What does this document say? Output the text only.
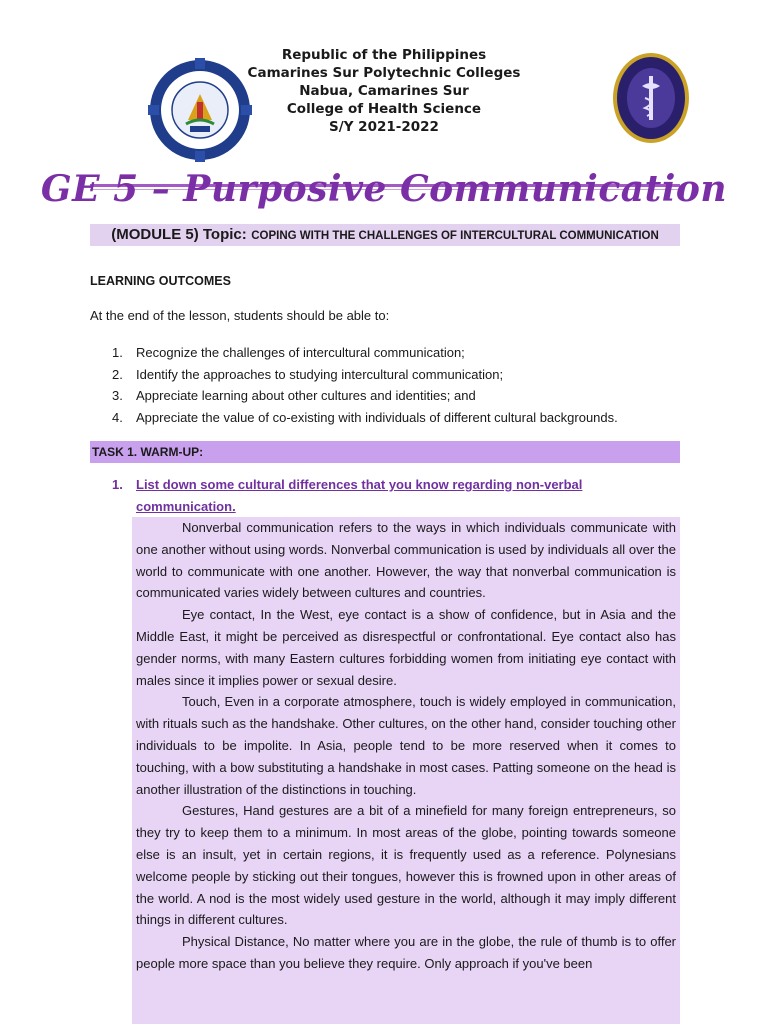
Republic of the Philippines
Camarines Sur Polytechnic Colleges
Nabua, Camarines Sur
College of Health Science
S/Y 2021-2022
GE 5 – Purposive Communication
(MODULE 5) Topic: COPING WITH THE CHALLENGES OF INTERCULTURAL COMMUNICATION
LEARNING OUTCOMES
At the end of the lesson, students should be able to:
1.	Recognize the challenges of intercultural communication;
2.	Identify the approaches to studying intercultural communication;
3.	Appreciate learning about other cultures and identities; and
4.	Appreciate the value of co-existing with individuals of different cultural backgrounds.
TASK 1. WARM-UP:
1.	List down some cultural differences that you know regarding non-verbal communication.

Nonverbal communication refers to the ways in which individuals communicate with one another without using words. Nonverbal communication is used by individuals all over the world to communicate with one another. However, the way that nonverbal communication is communicated varies widely between cultures and countries.

Eye contact, In the West, eye contact is a show of confidence, but in Asia and the Middle East, it might be perceived as disrespectful or confrontational. Eye contact also has gender norms, with many Eastern cultures forbidding women from initiating eye contact with males since it implies power or sexual desire.

Touch, Even in a corporate atmosphere, touch is widely employed in communication, with rituals such as the handshake. Other cultures, on the other hand, consider touching other individuals to be impolite. In Asia, people tend to be more reserved when it comes to touching, with a bow substituting a handshake in most cases. Patting someone on the head is another illustration of the distinctions in touching.

Gestures, Hand gestures are a bit of a minefield for many foreign entrepreneurs, so they try to keep them to a minimum. In most areas of the globe, pointing towards someone else is an insult, yet in certain regions, it is frequently used as a reference. Polynesians welcome people by sticking out their tongues, however this is frowned upon in other areas of the world. A nod is the most widely used gesture in the world, although it may imply different things in different cultures.

Physical Distance, No matter where you are in the globe, the rule of thumb is to offer people more space than you believe they require. Only approach if you've been
